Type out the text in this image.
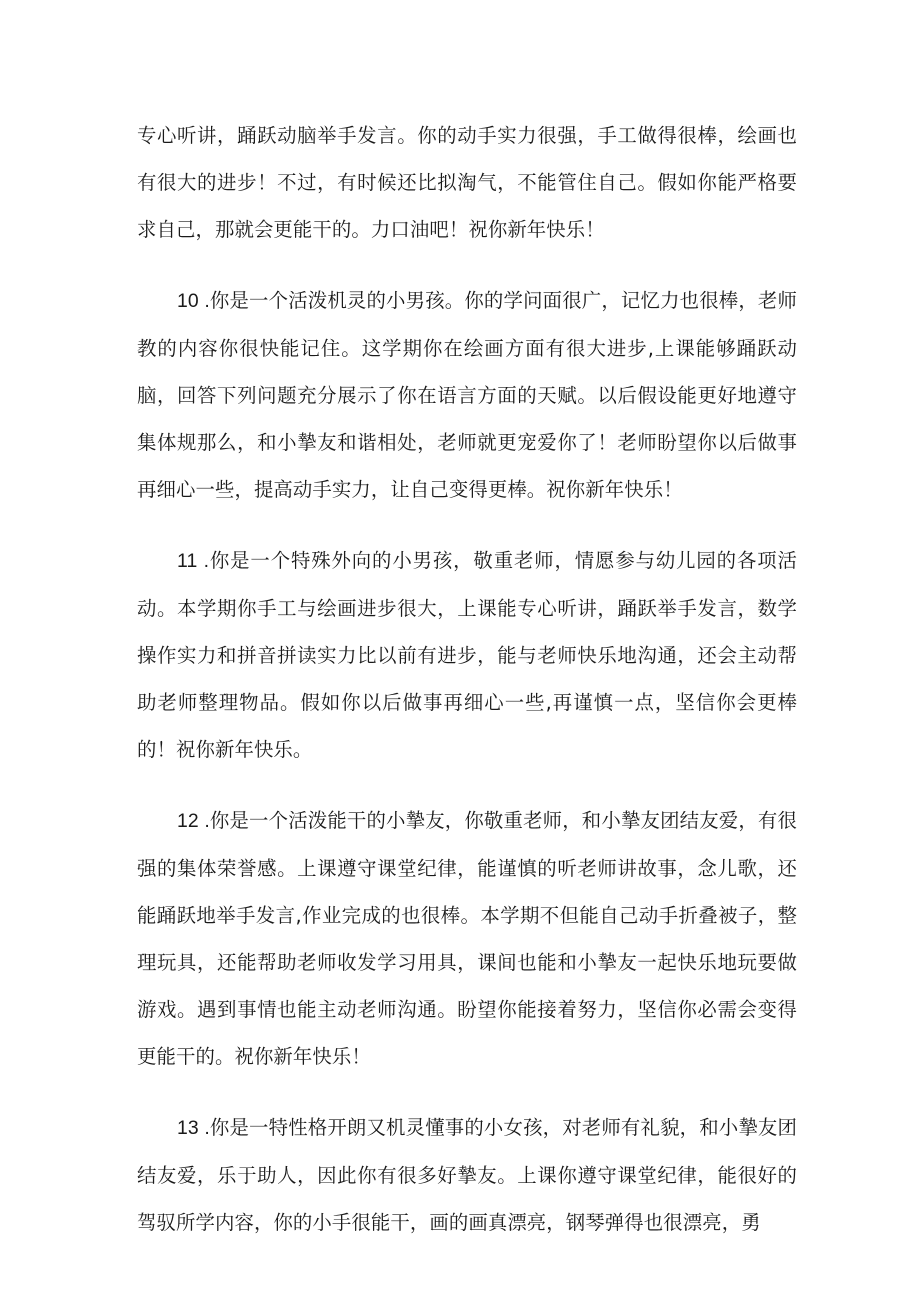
专心听讲，踊跃动脑举手发言。你的动手实力很强，手工做得很棒，绘画也有很大的进步！不过，有时候还比拟淘气，不能管住自己。假如你能严格要求自己，那就会更能干的。力口油吧！祝你新年快乐！

10 .你是一个活泼机灵的小男孩。你的学问面很广，记忆力也很棒，老师教的内容你很快能记住。这学期你在绘画方面有很大进步,上课能够踊跃动脑，回答下列问题充分展示了你在语言方面的天赋。以后假设能更好地遵守集体规那么，和小摯友和谐相处，老师就更宠爱你了！老师盼望你以后做事再细心一些，提高动手实力，让自己变得更棒。祝你新年快乐！

11 .你是一个特殊外向的小男孩，敬重老师，情愿参与幼儿园的各项活动。本学期你手工与绘画进步很大，上课能专心听讲，踊跃举手发言，数学操作实力和拼音拼读实力比以前有进步，能与老师快乐地沟通，还会主动帮助老师整理物品。假如你以后做事再细心一些,再谨慎一点，坚信你会更棒的！祝你新年快乐。

12 .你是一个活泼能干的小摯友，你敬重老师，和小摯友团结友爱，有很强的集体荣誉感。上课遵守课堂纪律，能谨慎的听老师讲故事，念儿歌，还能踊跃地举手发言,作业完成的也很棒。本学期不但能自己动手折叠被子，整理玩具，还能帮助老师收发学习用具，课间也能和小摯友一起快乐地玩要做游戏。遇到事情也能主动老师沟通。盼望你能接着努力，坚信你必需会变得更能干的。祝你新年快乐！

13 .你是一特性格开朗又机灵懂事的小女孩，对老师有礼貌，和小摯友团结友爱，乐于助人，因此你有很多好摯友。上课你遵守课堂纪律，能很好的驾驭所学内容，你的小手很能干，画的画真漂亮，钢琴弹得也很漂亮，勇
